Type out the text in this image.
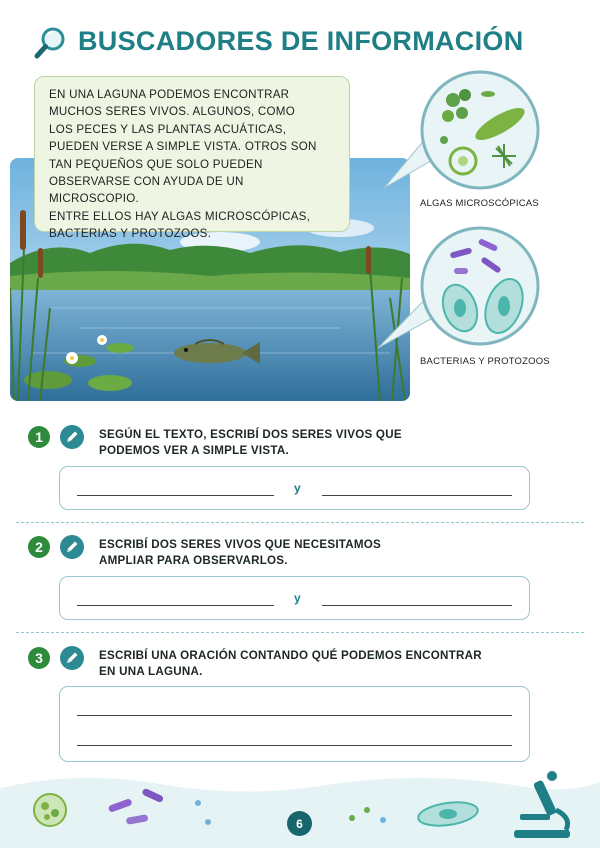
BUSCADORES DE INFORMACIÓN

EN UNA LAGUNA PODEMOS ENCONTRAR

MUCHOS SERES VIVOS. ALGUNOS, COMO

LOS PECES Y LAS PLANTAS ACUÁTICAS,

PUEDEN VERSE A SIMPLE VISTA. OTROS SON

TAN PEQUEÑOS QUE SOLO PUEDEN

OBSERVARSE CON AYUDA DE UN MICROSCOPIO.

ENTRE ELLOS HAY ALGAS MICROSCÓPICAS,

BACTERIAS Y PROTOZOOS.

ALGAS MICROSCÓPICAS
BACTERIAS Y PROTOZOOS
1	SEGÚN EL TEXTO, ESCRIBÍ DOS SERES VIVOS QUE
PODEMOS VER A SIMPLE VISTA.
y
2	ESCRIBÍ DOS SERES VIVOS QUE NECESITAMOS
AMPLIAR PARA OBSERVARLOS.
y
3	ESCRIBÍ UNA ORACIÓN CONTANDO QUÉ PODEMOS ENCONTRAR
EN UNA LAGUNA.
6
